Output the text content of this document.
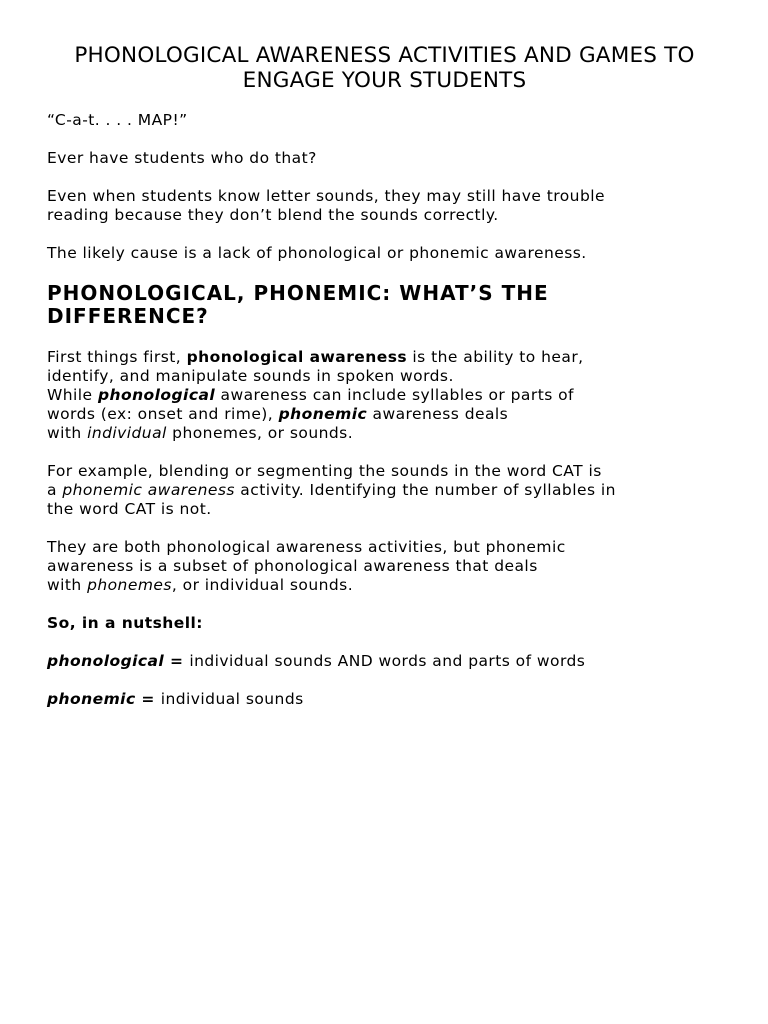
PHONOLOGICAL AWARENESS ACTIVITIES AND GAMES TO
ENGAGE YOUR STUDENTS

“C-a-t. . . . MAP!”

Ever have students who do that?

Even when students know letter sounds, they may still have trouble
reading because they don’t blend the sounds correctly.

The likely cause is a lack of phonological or phonemic awareness.

PHONOLOGICAL, PHONEMIC: WHAT’S THE
DIFFERENCE?

First things first, phonological awareness is the ability to hear,
identify, and manipulate sounds in spoken words.
While phonological awareness can include syllables or parts of
words (ex: onset and rime), phonemic awareness deals
with individual phonemes, or sounds.

For example, blending or segmenting the sounds in the word CAT is
a phonemic awareness activity. Identifying the number of syllables in
the word CAT is not.

They are both phonological awareness activities, but phonemic
awareness is a subset of phonological awareness that deals
with phonemes, or individual sounds.

So, in a nutshell:

phonological = individual sounds AND words and parts of words

phonemic = individual sounds
